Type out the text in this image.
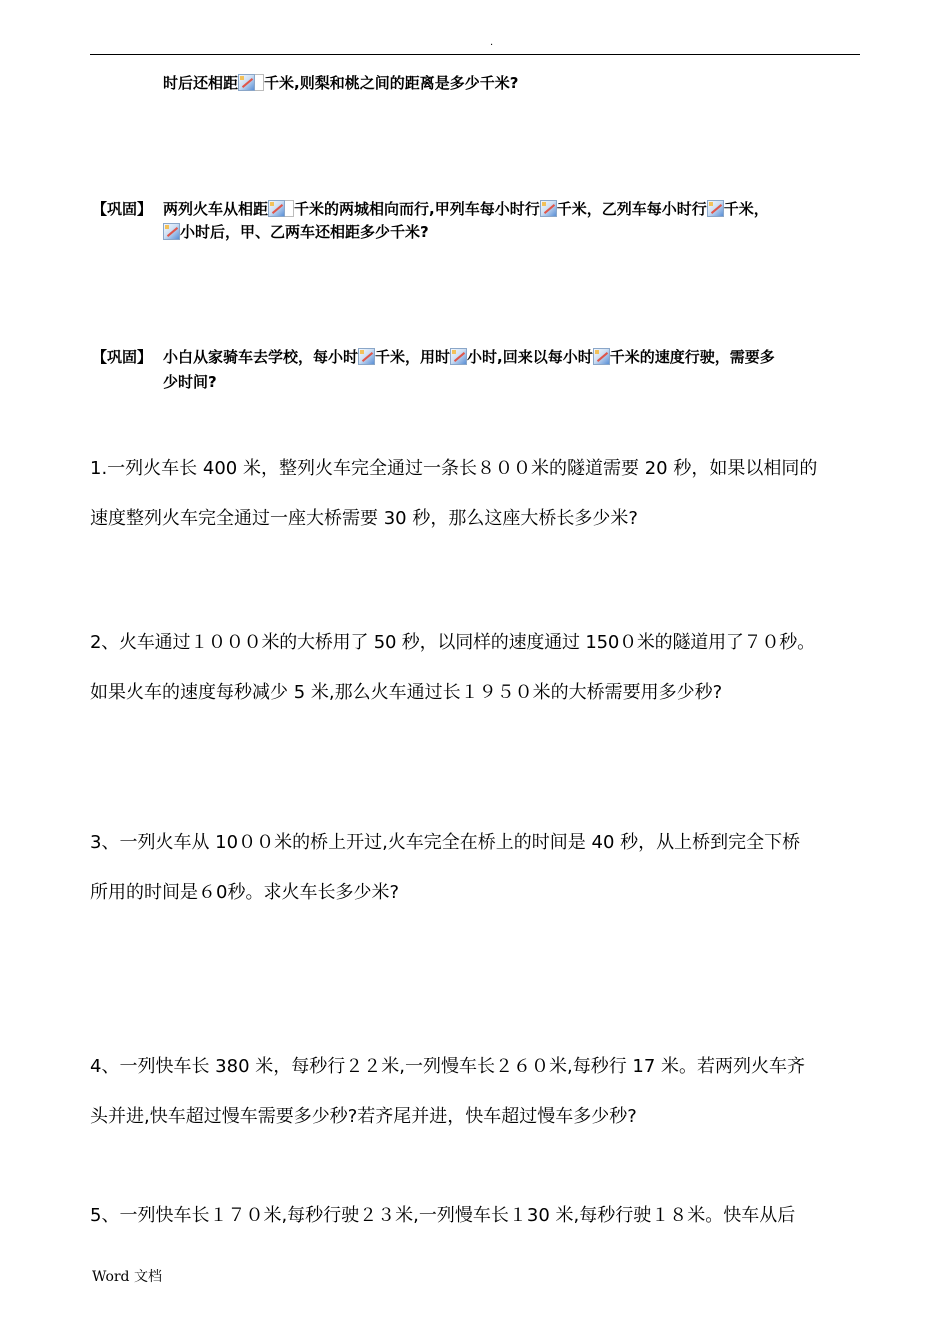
.
时后还相距 千米,则梨和桃之间的距离是多少千米?
【巩固】 两列火车从相距 千米的两城相向而行,甲列车每小时行 千米，乙列车每小时行 千米，
小时后，甲、乙两车还相距多少千米?
【巩固】 小白从家骑车去学校，每小时 千米，用时 小时,回来以每小时 千米的速度行驶，需要多
少时间?
1.一列火车长 400 米，整列火车完全通过一条长８００米的隧道需要 20 秒，如果以相同的
速度整列火车完全通过一座大桥需要 30 秒，那么这座大桥长多少米?
2、火车通过１０００米的大桥用了 50 秒，以同样的速度通过 150０米的隧道用了７０秒。
如果火车的速度每秒减少 5 米,那么火车通过长１９５０米的大桥需要用多少秒?
3、一列火车从 10００米的桥上开过,火车完全在桥上的时间是 40 秒，从上桥到完全下桥
所用的时间是６0秒。求火车长多少米?
4、一列快车长 380 米，每秒行２２米,一列慢车长２６０米,每秒行 17 米。若两列火车齐
头并进,快车超过慢车需要多少秒?若齐尾并进，快车超过慢车多少秒?
5、一列快车长１７０米,每秒行驶２３米,一列慢车长１30 米,每秒行驶１８米。快车从后
Word 文档
